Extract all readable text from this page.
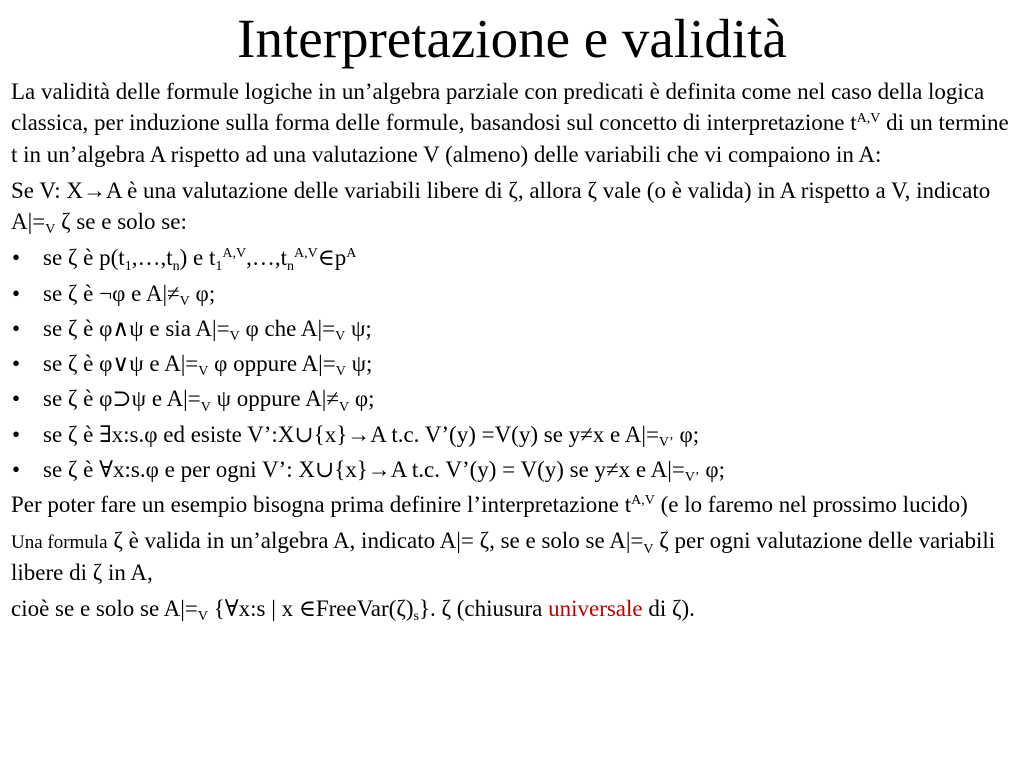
Interpretazione e validità

La validità delle formule logiche in un’algebra parziale con predicati è definita come nel caso della logica classica, per induzione sulla forma delle formule, basandosi sul concetto di interpretazione $t^{A,V}$ di un termine t in un’algebra A rispetto ad una valutazione V (almeno) delle variabili che vi compaiono in A:

Se V: X→A è una valutazione delle variabili libere di ζ, allora ζ vale (o è valida) in A rispetto a V, indicato $A|=_V$ ζ se e solo se:

• se ζ è $p(t_1,\dots,t_n)$ e $t_1^{A,V},\dots,t_n^{A,V}\in p^A$
• se ζ è ¬φ e $A|\ne_V$ φ;
• se ζ è φ∧ψ e sia $A|=_V$ φ che $A|=_V$ ψ;
• se ζ è φ∨ψ e $A|=_V$ φ oppure $A|=_V$ ψ;
• se ζ è φ⊃ψ e $A|=_V$ ψ oppure $A|\ne_V$ φ;
• se ζ è ∃x:s.φ ed esiste V’:X∪{x}→A t.c. V’(y) =V(y) se y≠x e $A|=_{V’}$ φ;
• se ζ è ∀x:s.φ e per ogni V’: X∪{x}→A t.c. V’(y) = V(y) se y≠x e $A|=_{V’}$ φ;

Per poter fare un esempio bisogna prima definire l’interpretazione $t^{A,V}$ (e lo faremo nel prossimo lucido)

Una formula ζ è valida in un’algebra A, indicato A|= ζ, se e solo se $A|=_V$ ζ per ogni valutazione delle variabili libere di ζ in A,

cioè se e solo se $A|=_V$ {∀x:s | x $\in FreeVar(\zeta)_s$}. ζ (chiusura universale di ζ).
